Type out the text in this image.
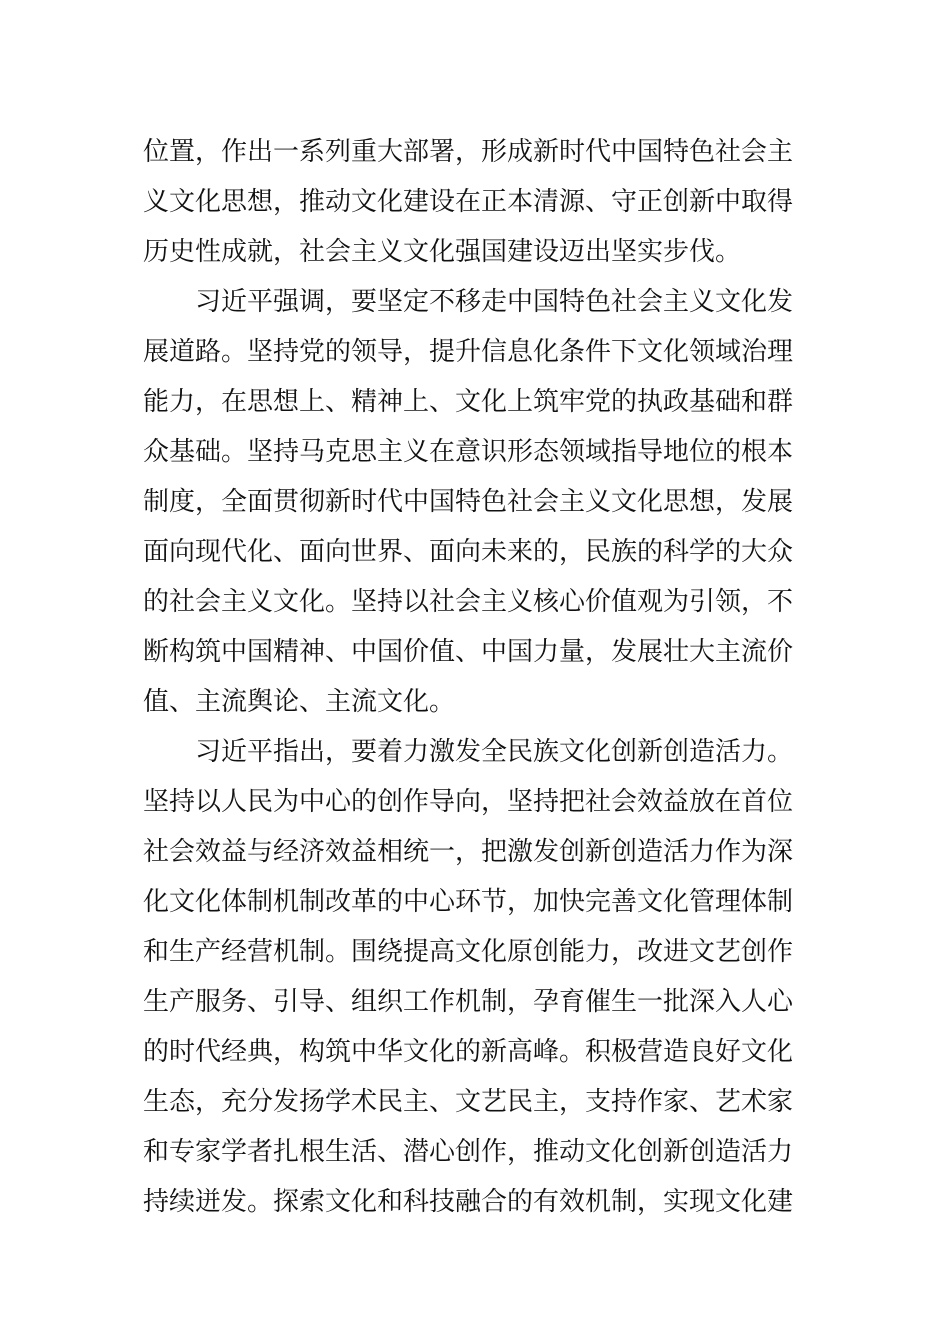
位置，作出一系列重大部署，形成新时代中国特色社会主
义文化思想，推动文化建设在正本清源、守正创新中取得
历史性成就，社会主义文化强国建设迈出坚实步伐。

习近平强调，要坚定不移走中国特色社会主义文化发
展道路。坚持党的领导，提升信息化条件下文化领域治理
能力，在思想上、精神上、文化上筑牢党的执政基础和群
众基础。坚持马克思主义在意识形态领域指导地位的根本
制度，全面贯彻新时代中国特色社会主义文化思想，发展
面向现代化、面向世界、面向未来的，民族的科学的大众
的社会主义文化。坚持以社会主义核心价值观为引领，不
断构筑中国精神、中国价值、中国力量，发展壮大主流价
值、主流舆论、主流文化。

习近平指出，要着力激发全民族文化创新创造活力。
坚持以人民为中心的创作导向，坚持把社会效益放在首位
社会效益与经济效益相统一，把激发创新创造活力作为深
化文化体制机制改革的中心环节，加快完善文化管理体制
和生产经营机制。围绕提高文化原创能力，改进文艺创作
生产服务、引导、组织工作机制，孕育催生一批深入人心
的时代经典，构筑中华文化的新高峰。积极营造良好文化
生态，充分发扬学术民主、文艺民主，支持作家、艺术家
和专家学者扎根生活、潜心创作，推动文化创新创造活力
持续迸发。探索文化和科技融合的有效机制，实现文化建
